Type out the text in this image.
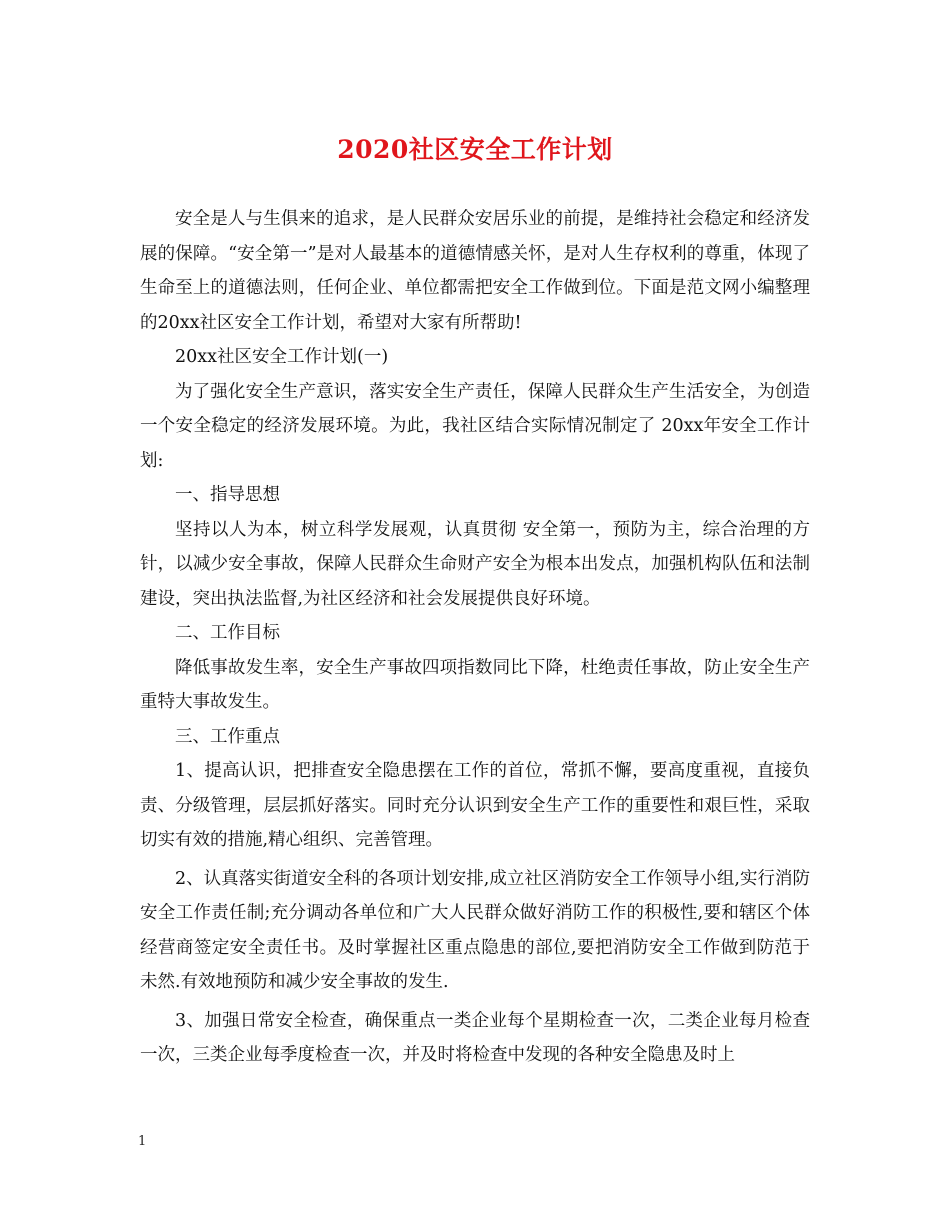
2020社区安全工作计划

安全是人与生俱来的追求，是人民群众安居乐业的前提，是维持社会稳定和经济发展的保障。“安全第一”是对人最基本的道德情感关怀，是对人生存权利的尊重，体现了生命至上的道德法则，任何企业、单位都需把安全工作做到位。下面是范文网小编整理的20xx社区安全工作计划，希望对大家有所帮助!

20xx社区安全工作计划(一)

为了强化安全生产意识，落实安全生产责任，保障人民群众生产生活安全，为创造一个安全稳定的经济发展环境。为此，我社区结合实际情况制定了 20xx年安全工作计划:

一、指导思想

坚持以人为本，树立科学发展观，认真贯彻 安全第一，预防为主，综合治理的方针，以减少安全事故，保障人民群众生命财产安全为根本出发点，加强机构队伍和法制建设，突出执法监督,为社区经济和社会发展提供良好环境。

二、工作目标

降低事故发生率，安全生产事故四项指数同比下降，杜绝责任事故，防止安全生产重特大事故发生。

三、工作重点

1、提高认识，把排查安全隐患摆在工作的首位，常抓不懈，要高度重视，直接负责、分级管理，层层抓好落实。同时充分认识到安全生产工作的重要性和艰巨性，采取切实有效的措施,精心组织、完善管理。

2、认真落实街道安全科的各项计划安排,成立社区消防安全工作领导小组,实行消防安全工作责任制;充分调动各单位和广大人民群众做好消防工作的积极性,要和辖区个体经营商签定安全责任书。及时掌握社区重点隐患的部位,要把消防安全工作做到防范于未然.有效地预防和减少安全事故的发生.

3、加强日常安全检查，确保重点一类企业每个星期检查一次，二类企业每月检查一次，三类企业每季度检查一次，并及时将检查中发现的各种安全隐患及时上

1
